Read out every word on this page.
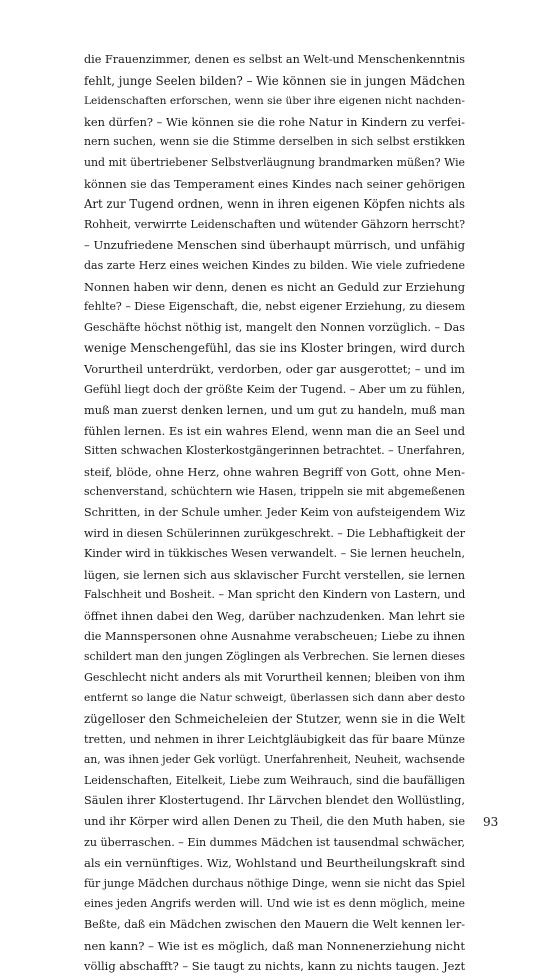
die Frauenzimmer, denen es selbst an Welt-und Menschenkenntnis
fehlt, junge Seelen bilden? – Wie können sie in jungen Mädchen
Leidenschaften erforschen, wenn sie über ihre eigenen nicht nachden-
ken dürfen? – Wie können sie die rohe Natur in Kindern zu verfei-
nern suchen, wenn sie die Stimme derselben in sich selbst erstikken
und mit übertriebener Selbstverläugnung brandmarken müßen? Wie
können sie das Temperament eines Kindes nach seiner gehörigen
Art zur Tugend ordnen, wenn in ihren eigenen Köpfen nichts als
Rohheit, verwirrte Leidenschaften und wütender Gähzorn herrscht?
– Unzufriedene Menschen sind überhaupt mürrisch, und unfähig
das zarte Herz eines weichen Kindes zu bilden. Wie viele zufriedene
Nonnen haben wir denn, denen es nicht an Geduld zur Erziehung
fehlte? – Diese Eigenschaft, die, nebst eigener Erziehung, zu diesem
Geschäfte höchst nöthig ist, mangelt den Nonnen vorzüglich. – Das
wenige Menschengefühl, das sie ins Kloster bringen, wird durch
Vorurtheil unterdrükt, verdorben, oder gar ausgerottet; – und im
Gefühl liegt doch der größte Keim der Tugend. – Aber um zu fühlen,
muß man zuerst denken lernen, und um gut zu handeln, muß man
fühlen lernen. Es ist ein wahres Elend, wenn man die an Seel und
Sitten schwachen Klosterkostgängerinnen betrachtet. – Unerfahren,
steif, blöde, ohne Herz, ohne wahren Begriff von Gott, ohne Men-
schenverstand, schüchtern wie Hasen, trippeln sie mit abgemeßenen
Schritten, in der Schule umher. Jeder Keim von aufsteigendem Wiz
wird in diesen Schülerinnen zurükgeschrekt. – Die Lebhaftigkeit der
Kinder wird in tükkisches Wesen verwandelt. – Sie lernen heucheln,
lügen, sie lernen sich aus sklavischer Furcht verstellen, sie lernen
Falschheit und Bosheit. – Man spricht den Kindern von Lastern, und
öffnet ihnen dabei den Weg, darüber nachzudenken. Man lehrt sie
die Mannspersonen ohne Ausnahme verabscheuen; Liebe zu ihnen
schildert man den jungen Zöglingen als Verbrechen. Sie lernen dieses
Geschlecht nicht anders als mit Vorurtheil kennen; bleiben von ihm
entfernt so lange die Natur schweigt, überlassen sich dann aber desto
zügelloser den Schmeicheleien der Stutzer, wenn sie in die Welt
tretten, und nehmen in ihrer Leichtgläubigkeit das für baare Münze
an, was ihnen jeder Gek vorlügt. Unerfahrenheit, Neuheit, wachsende
Leidenschaften, Eitelkeit, Liebe zum Weihrauch, sind die baufälligen
Säulen ihrer Klostertugend. Ihr Lärvchen blendet den Wollüstling,
und ihr Körper wird allen Denen zu Theil, die den Muth haben, sie
zu überraschen. – Ein dummes Mädchen ist tausendmal schwächer,
als ein vernünftiges. Wiz, Wohlstand und Beurtheilungskraft sind
für junge Mädchen durchaus nöthige Dinge, wenn sie nicht das Spiel
eines jeden Angrifs werden will. Und wie ist es denn möglich, meine
Beßte, daß ein Mädchen zwischen den Mauern die Welt kennen ler-
nen kann? – Wie ist es möglich, daß man Nonnenerziehung nicht
völlig abschafft? – Sie taugt zu nichts, kann zu nichts taugen. Jezt
93
